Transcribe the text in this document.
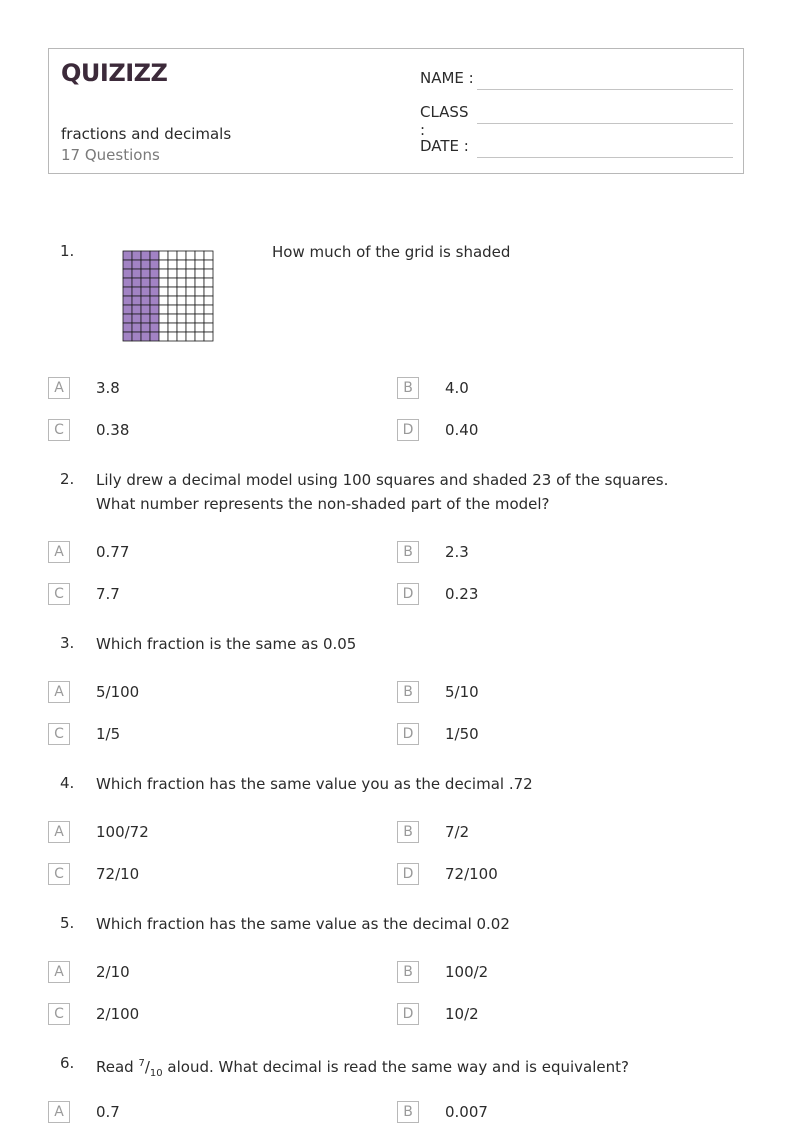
QUIZIZZ
fractions and decimals
17 Questions
NAME :
CLASS :
DATE :
1.	How much of the grid is shaded
A	3.8	B	4.0
C	0.38	D	0.40
2. Lily drew a decimal model using 100 squares and shaded 23 of the squares. What number represents the non-shaded part of the model?
A	0.77	B	2.3
C	7.7	D	0.23
3. Which fraction is the same as 0.05
A	5/100	B	5/10
C	1/5	D	1/50
4. Which fraction has the same value you as the decimal .72
A	100/72	B	7/2
C	72/10	D	72/100
5. Which fraction has the same value as the decimal 0.02
A	2/10	B	100/2
C	2/100	D	10/2
6. Read $^7/_{10}$ aloud. What decimal is read the same way and is equivalent?
A	0.7	B	0.007
